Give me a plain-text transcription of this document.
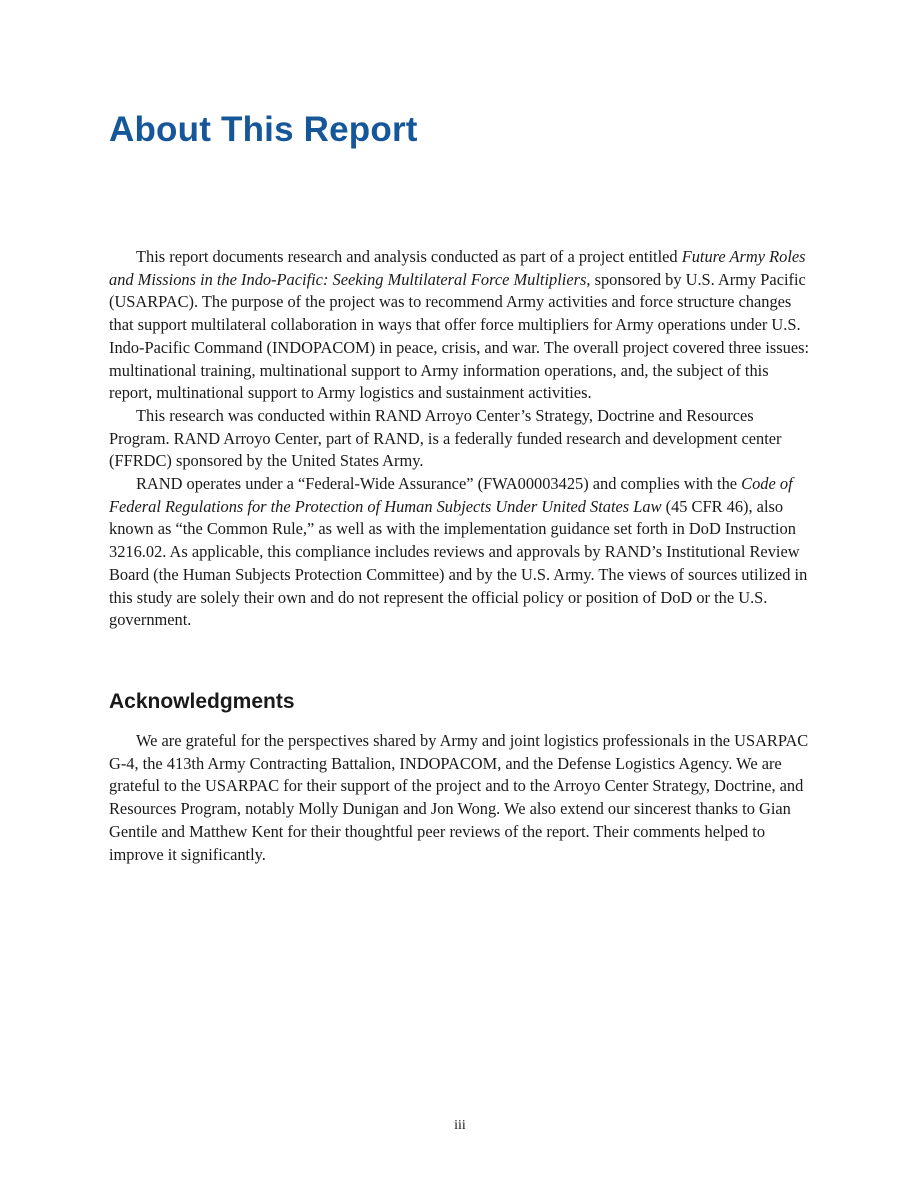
About This Report

This report documents research and analysis conducted as part of a project entitled Future Army Roles and Missions in the Indo-Pacific: Seeking Multilateral Force Multipliers, sponsored by U.S. Army Pacific (USARPAC). The purpose of the project was to recommend Army activities and force structure changes that support multilateral collaboration in ways that offer force multipliers for Army operations under U.S. Indo-Pacific Command (INDOPACOM) in peace, crisis, and war. The overall project covered three issues: multinational training, multinational support to Army information operations, and, the subject of this report, multinational support to Army logistics and sustainment activities.

This research was conducted within RAND Arroyo Center’s Strategy, Doctrine and Resources Program. RAND Arroyo Center, part of RAND, is a federally funded research and development center (FFRDC) sponsored by the United States Army.

RAND operates under a “Federal-Wide Assurance” (FWA00003425) and complies with the Code of Federal Regulations for the Protection of Human Subjects Under United States Law (45 CFR 46), also known as “the Common Rule,” as well as with the implementation guidance set forth in DoD Instruction 3216.02. As applicable, this compliance includes reviews and approvals by RAND’s Institutional Review Board (the Human Subjects Protection Committee) and by the U.S. Army. The views of sources utilized in this study are solely their own and do not represent the official policy or position of DoD or the U.S. government.

Acknowledgments

We are grateful for the perspectives shared by Army and joint logistics professionals in the USARPAC G-4, the 413th Army Contracting Battalion, INDOPACOM, and the Defense Logistics Agency. We are grateful to the USARPAC for their support of the project and to the Arroyo Center Strategy, Doctrine, and Resources Program, notably Molly Dunigan and Jon Wong. We also extend our sincerest thanks to Gian Gentile and Matthew Kent for their thoughtful peer reviews of the report. Their comments helped to improve it significantly.

iii
